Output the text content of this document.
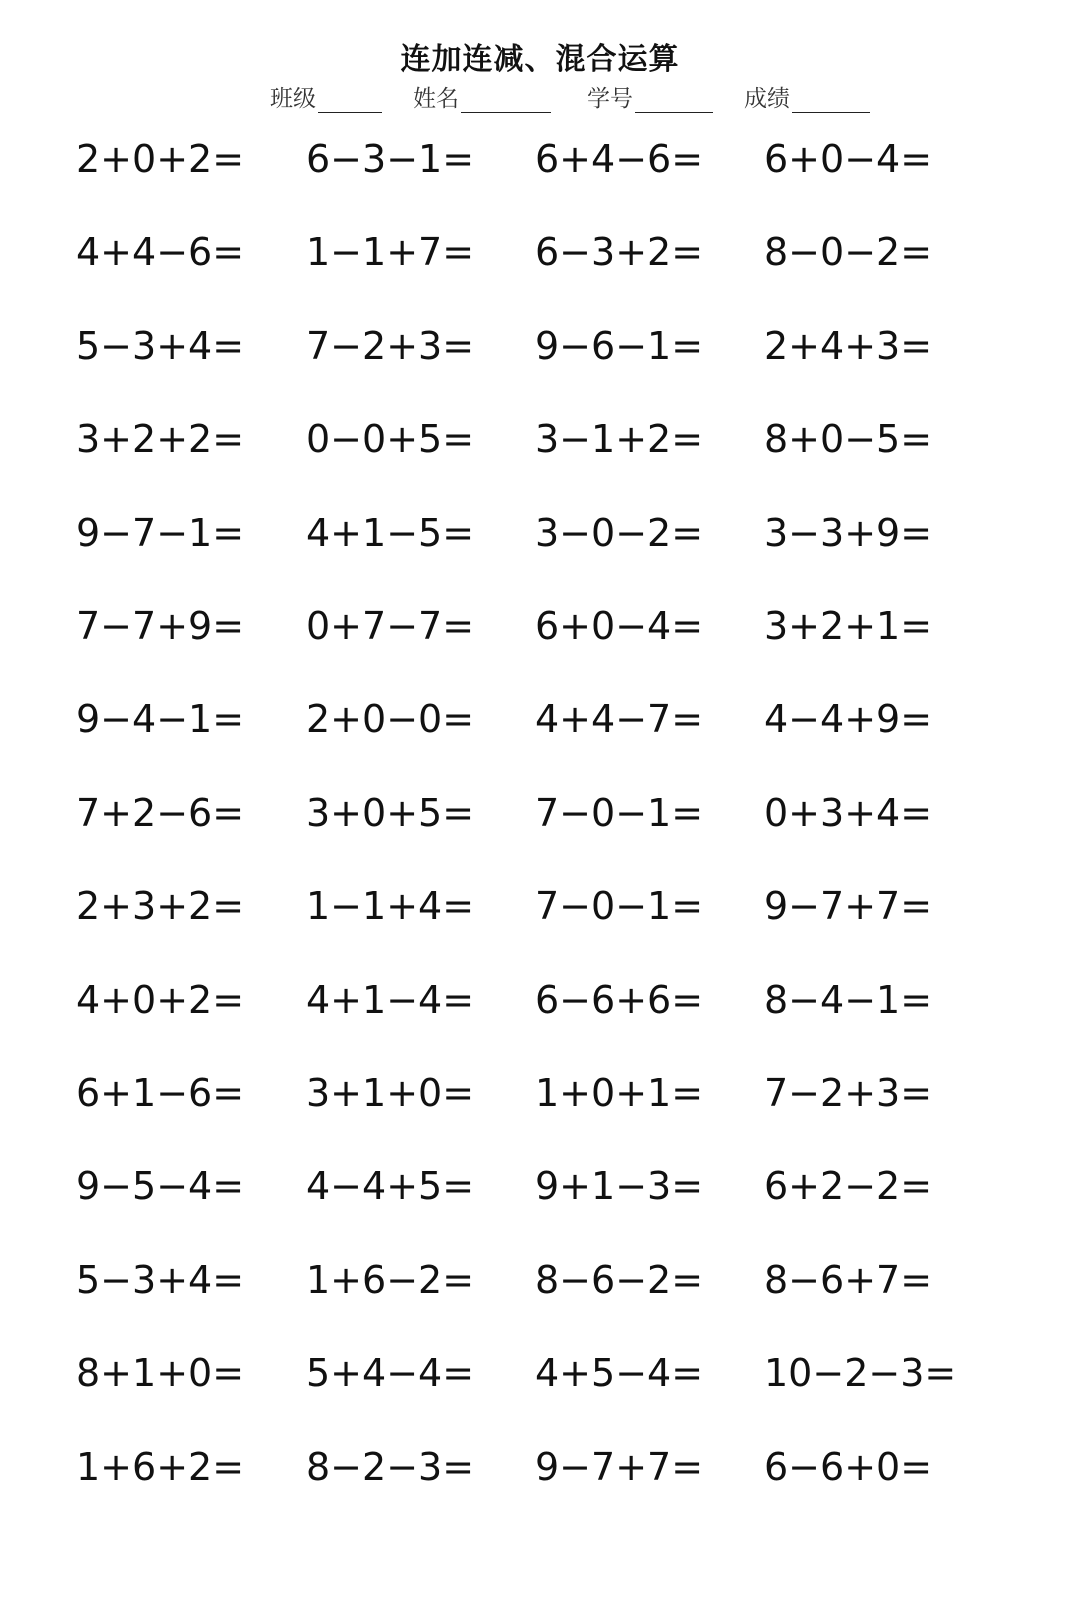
连加连减、混合运算
班级	姓名	学号	成绩
2+0+2= 6−3−1= 6+4−6= 6+0−4=
4+4−6= 1−1+7= 6−3+2= 8−0−2=
5−3+4= 7−2+3= 9−6−1= 2+4+3=
3+2+2= 0−0+5= 3−1+2= 8+0−5=
9−7−1= 4+1−5= 3−0−2= 3−3+9=
7−7+9= 0+7−7= 6+0−4= 3+2+1=
9−4−1= 2+0−0= 4+4−7= 4−4+9=
7+2−6= 3+0+5= 7−0−1= 0+3+4=
2+3+2= 1−1+4= 7−0−1= 9−7+7=
4+0+2= 4+1−4= 6−6+6= 8−4−1=
6+1−6= 3+1+0= 1+0+1= 7−2+3=
9−5−4= 4−4+5= 9+1−3= 6+2−2=
5−3+4= 1+6−2= 8−6−2= 8−6+7=
8+1+0= 5+4−4= 4+5−4= 10−2−3=
1+6+2= 8−2−3= 9−7+7= 6−6+0=
